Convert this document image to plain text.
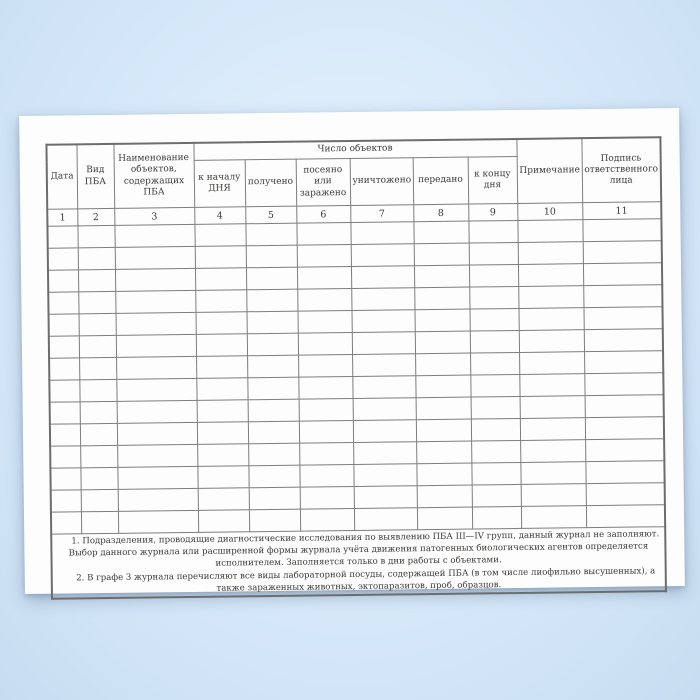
Дата	Вид ПБА	Наименование объектов, содержащих ПБА	Число объектов						Примечание	Подпись ответственного лица
			к началу ДНЯ	получено	посеяно или заражено	уничтожено	передано	к концу дня		
1	2	3	4	5	6	7	8	9	10	11

1. Подразделения, проводящие диагностические исследования по выявлению ПБА III—IV групп, данный журнал не заполняют. Выбор данного журнала или расширенной формы журнала учёта движения патогенных биологических агентов определяется исполнителем. Заполняется только в дни работы с объектами.

2. В графе 3 журнала перечисляют все виды лабораторной посуды, содержащей ПБА (в том числе лиофильно высушенных), а также зараженных животных, эктопаразитов, проб, образцов.										
